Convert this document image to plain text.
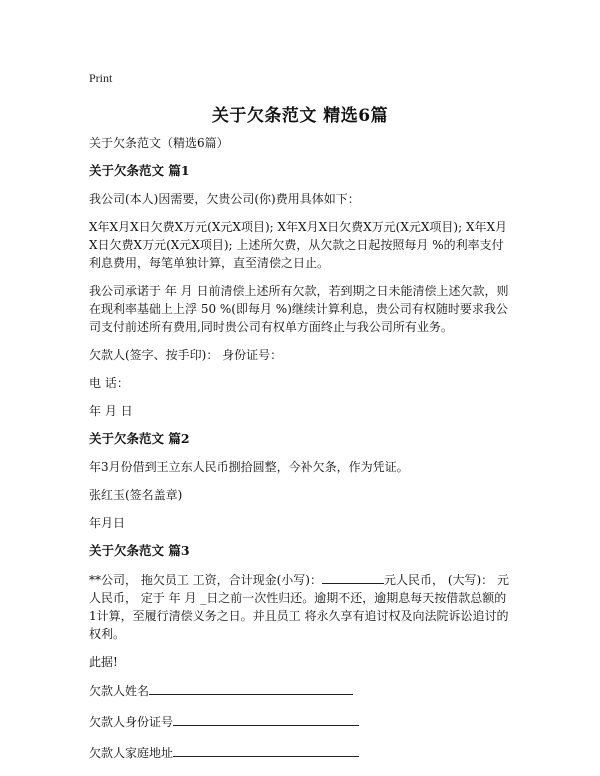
Print
关于欠条范文 精选6篇

关于欠条范文（精选6篇）

关于欠条范文 篇1

我公司(本人)因需要，欠贵公司(你)费用具体如下：

X年X月X日欠费X万元(X元X项目); X年X月X日欠费X万元(X元X项目); X年X月X日欠费X万元(X元X项目); 上述所欠费，从欠款之日起按照每月 %的利率支付利息费用，每笔单独计算，直至清偿之日止。

我公司承诺于 年 月 日前清偿上述所有欠款，若到期之日未能清偿上述欠款，则在现利率基础上上浮 50 %(即每月 %)继续计算利息，贵公司有权随时要求我公司支付前述所有费用,同时贵公司有权单方面终止与我公司所有业务。

欠款人(签字、按手印)： 身份证号：

电 话：

年 月 日

关于欠条范文 篇2

年3月份借到王立东人民币捌拾圆整，今补欠条，作为凭证。

张红玉(签名盖章)

年月日

关于欠条范文 篇3

**公司， 拖欠员工 工资，合计现金(小写)：	元人民币， (大写)： 元人民币， 定于 年 月 _日之前一次性归还。逾期不还，逾期息每天按借款总额的1计算，至履行清偿义务之日。并且员工 将永久享有追讨权及向法院诉讼追讨的权利。

此据!

欠款人姓名
欠款人身份证号
欠款人家庭地址
